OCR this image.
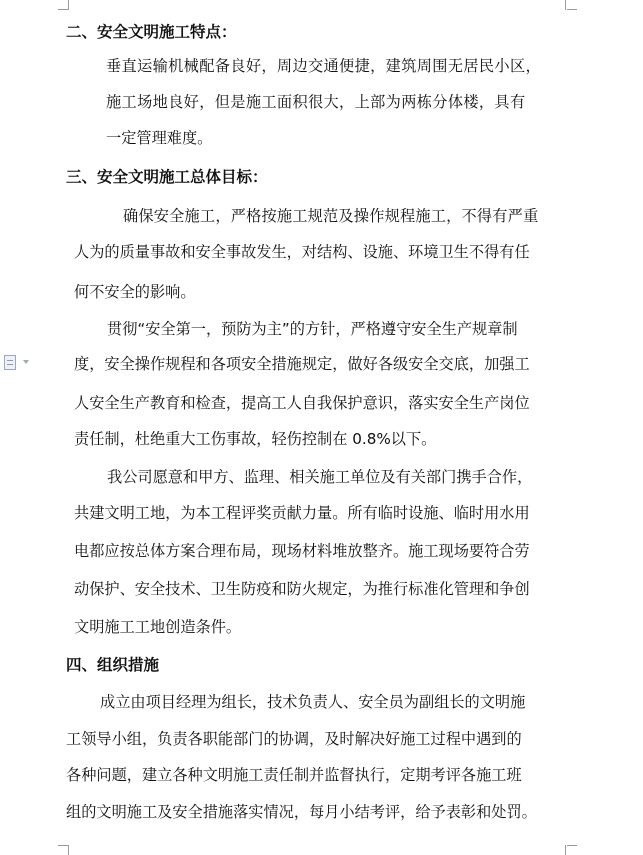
二、安全文明施工特点：
垂直运输机械配备良好，周边交通便捷，建筑周围无居民小区，
施工场地良好，但是施工面积很大，上部为两栋分体楼，具有
一定管理难度。
三、安全文明施工总体目标：
确保安全施工，严格按施工规范及操作规程施工，不得有严重
人为的质量事故和安全事故发生，对结构、设施、环境卫生不得有任
何不安全的影响。
贯彻“安全第一，预防为主”的方针，严格遵守安全生产规章制
度，安全操作规程和各项安全措施规定，做好各级安全交底，加强工
人安全生产教育和检查，提高工人自我保护意识，落实安全生产岗位
责任制，杜绝重大工伤事故，轻伤控制在 0.8%以下。
我公司愿意和甲方、监理、相关施工单位及有关部门携手合作，
共建文明工地，为本工程评奖贡献力量。所有临时设施、临时用水用
电都应按总体方案合理布局，现场材料堆放整齐。施工现场要符合劳
动保护、安全技术、卫生防疫和防火规定，为推行标准化管理和争创
文明施工工地创造条件。
四、组织措施
成立由项目经理为组长，技术负责人、安全员为副组长的文明施
工领导小组，负责各职能部门的协调，及时解决好施工过程中遇到的
各种问题，建立各种文明施工责任制并监督执行，定期考评各施工班
组的文明施工及安全措施落实情况，每月小结考评，给予表彰和处罚。
